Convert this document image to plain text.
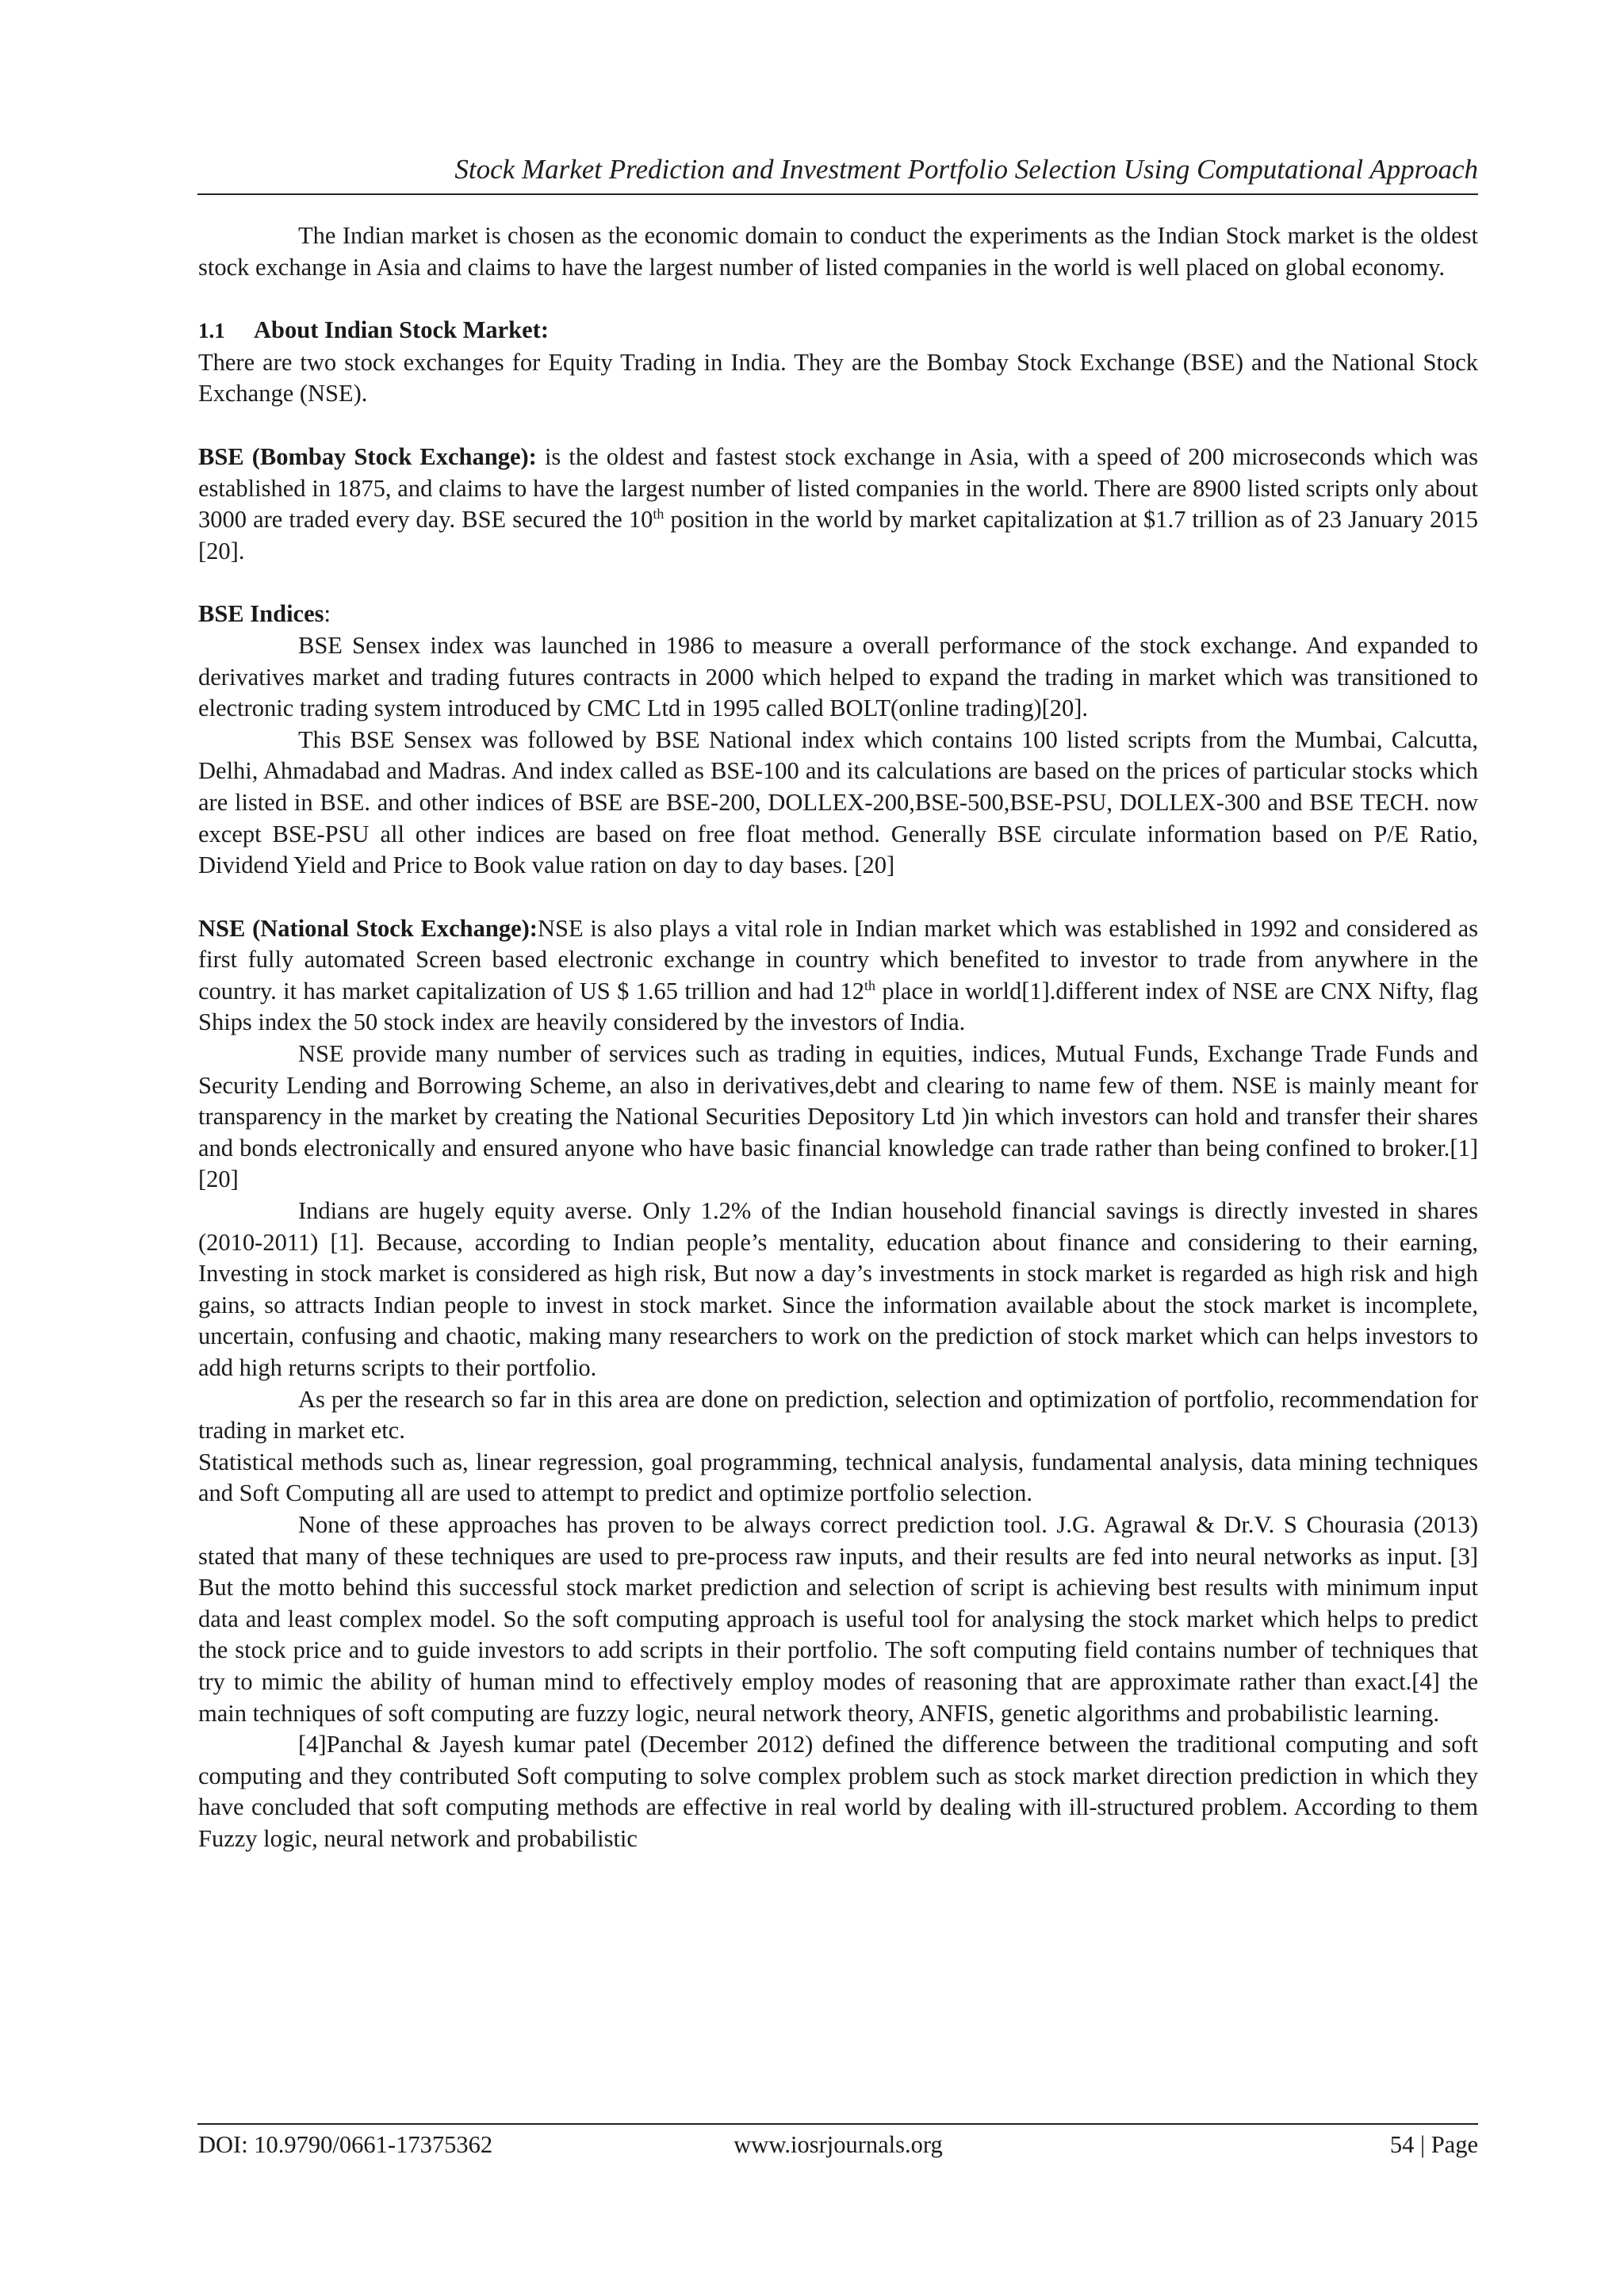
Stock Market Prediction and Investment Portfolio Selection Using Computational Approach

The Indian market is chosen as the economic domain to conduct the experiments as the Indian Stock market is the oldest stock exchange in Asia and claims to have the largest number of listed companies in the world is well placed on global economy.

1.1 About Indian Stock Market:

There are two stock exchanges for Equity Trading in India. They are the Bombay Stock Exchange (BSE) and the National Stock Exchange (NSE).

BSE (Bombay Stock Exchange): is the oldest and fastest stock exchange in Asia, with a speed of 200 microseconds which was established in 1875, and claims to have the largest number of listed companies in the world. There are 8900 listed scripts only about 3000 are traded every day. BSE secured the 10th position in the world by market capitalization at $1.7 trillion as of 23 January 2015 [20].

BSE Indices:

BSE Sensex index was launched in 1986 to measure a overall performance of the stock exchange. And expanded to derivatives market and trading futures contracts in 2000 which helped to expand the trading in market which was transitioned to electronic trading system introduced by CMC Ltd in 1995 called BOLT(online trading)[20].

This BSE Sensex was followed by BSE National index which contains 100 listed scripts from the Mumbai, Calcutta, Delhi, Ahmadabad and Madras. And index called as BSE-100 and its calculations are based on the prices of particular stocks which are listed in BSE. and other indices of BSE are BSE-200, DOLLEX-200,BSE-500,BSE-PSU, DOLLEX-300 and BSE TECH. now except BSE-PSU all other indices are based on free float method. Generally BSE circulate information based on P/E Ratio, Dividend Yield and Price to Book value ration on day to day bases. [20]

NSE (National Stock Exchange):NSE is also plays a vital role in Indian market which was established in 1992 and considered as first fully automated Screen based electronic exchange in country which benefited to investor to trade from anywhere in the country. it has market capitalization of US $ 1.65 trillion and had 12th place in world[1].different index of NSE are CNX Nifty, flag Ships index the 50 stock index are heavily considered by the investors of India.

NSE provide many number of services such as trading in equities, indices, Mutual Funds, Exchange Trade Funds and Security Lending and Borrowing Scheme, an also in derivatives,debt and clearing to name few of them. NSE is mainly meant for transparency in the market by creating the National Securities Depository Ltd )in which investors can hold and transfer their shares and bonds electronically and ensured anyone who have basic financial knowledge can trade rather than being confined to broker.[1][20]

Indians are hugely equity averse. Only 1.2% of the Indian household financial savings is directly invested in shares (2010-2011) [1]. Because, according to Indian people’s mentality, education about finance and considering to their earning, Investing in stock market is considered as high risk, But now a day’s investments in stock market is regarded as high risk and high gains, so attracts Indian people to invest in stock market. Since the information available about the stock market is incomplete, uncertain, confusing and chaotic, making many researchers to work on the prediction of stock market which can helps investors to add high returns scripts to their portfolio.

As per the research so far in this area are done on prediction, selection and optimization of portfolio, recommendation for trading in market etc.

Statistical methods such as, linear regression, goal programming, technical analysis, fundamental analysis, data mining techniques and Soft Computing all are used to attempt to predict and optimize portfolio selection.

None of these approaches has proven to be always correct prediction tool. J.G. Agrawal & Dr.V. S Chourasia (2013) stated that many of these techniques are used to pre-process raw inputs, and their results are fed into neural networks as input. [3] But the motto behind this successful stock market prediction and selection of script is achieving best results with minimum input data and least complex model. So the soft computing approach is useful tool for analysing the stock market which helps to predict the stock price and to guide investors to add scripts in their portfolio. The soft computing field contains number of techniques that try to mimic the ability of human mind to effectively employ modes of reasoning that are approximate rather than exact.[4] the main techniques of soft computing are fuzzy logic, neural network theory, ANFIS, genetic algorithms and probabilistic learning.

[4]Panchal & Jayesh kumar patel (December 2012) defined the difference between the traditional computing and soft computing and they contributed Soft computing to solve complex problem such as stock market direction prediction in which they have concluded that soft computing methods are effective in real world by dealing with ill-structured problem. According to them Fuzzy logic, neural network and probabilistic

DOI: 10.9790/0661-17375362	www.iosrjournals.org	54 | Page
